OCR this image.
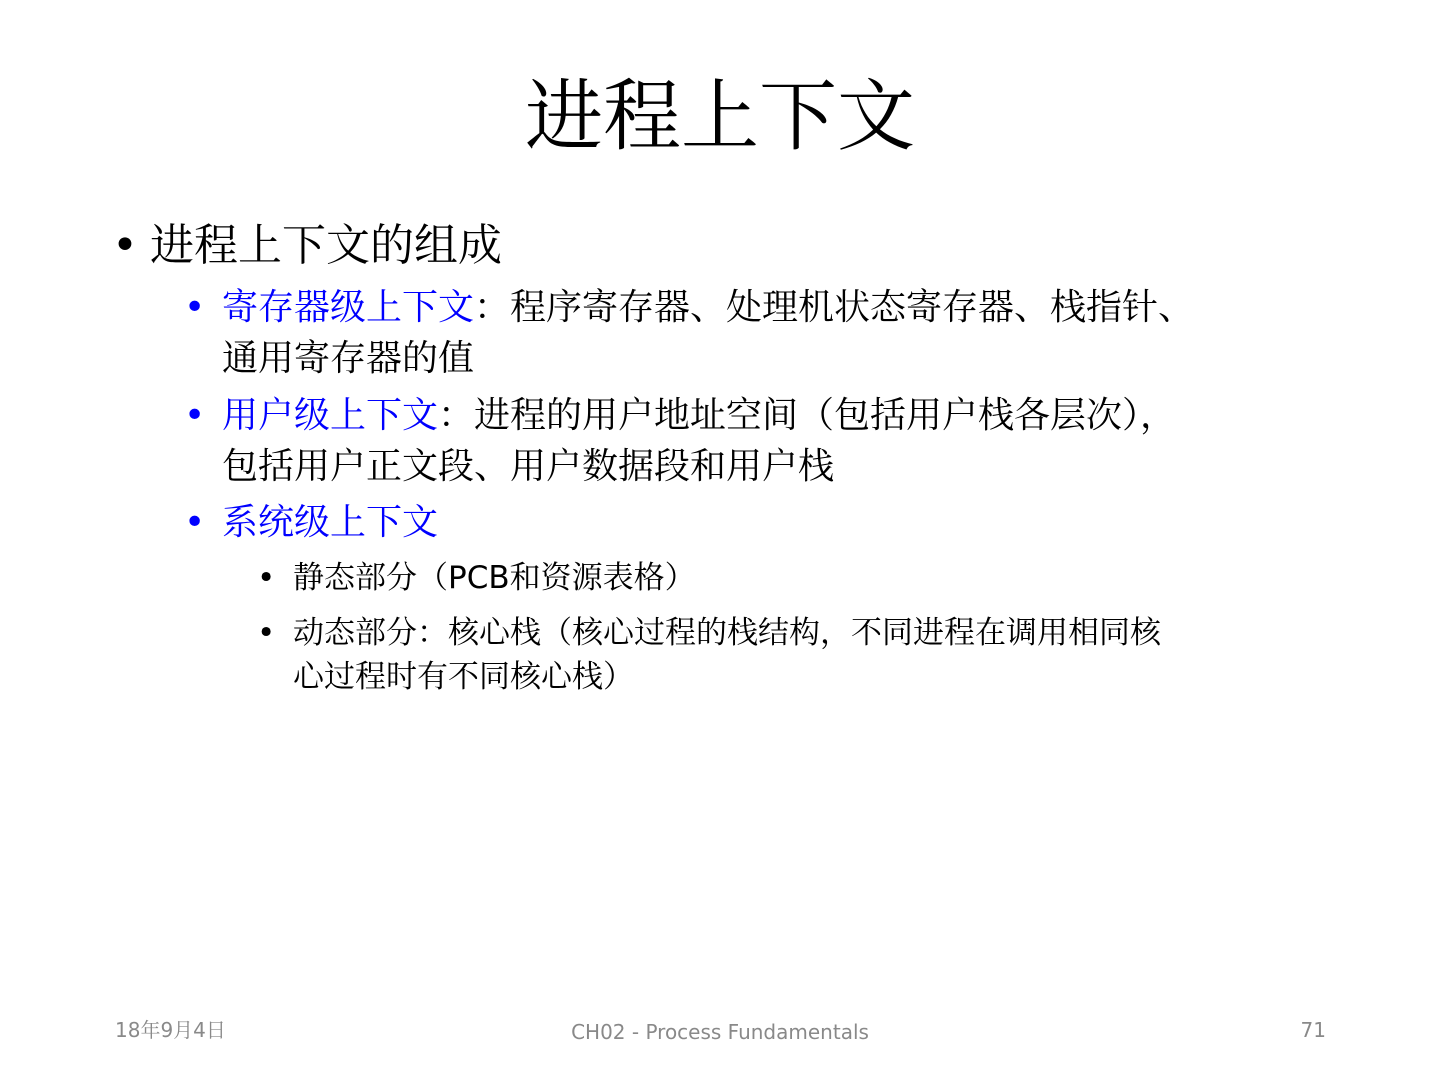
进程上下文
• 进程上下文的组成
• 寄存器级上下文：程序寄存器、处理机状态寄存器、栈指针、
通用寄存器的值
• 用户级上下文：进程的用户地址空间（包括用户栈各层次），
包括用户正文段、用户数据段和用户栈
• 系统级上下文
• 静态部分（PCB和资源表格）
• 动态部分：核心栈（核心过程的栈结构，不同进程在调用相同核
心过程时有不同核心栈）
18年9月4日	CH02 - Process Fundamentals	71
